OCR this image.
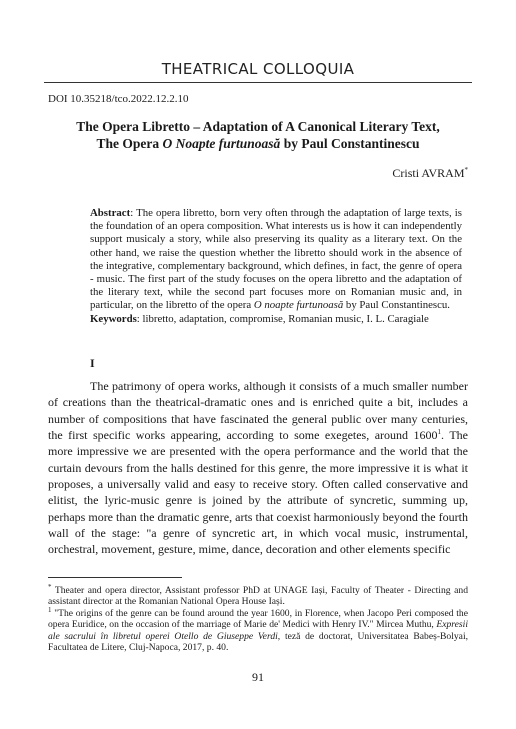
THEATRICAL COLLOQUIA
DOI 10.35218/tco.2022.12.2.10
The Opera Libretto – Adaptation of A Canonical Literary Text,
The Opera O Noapte furtunoasă by Paul Constantinescu
Cristi AVRAM*
Abstract: The opera libretto, born very often through the adaptation of large texts, is the foundation of an opera composition. What interests us is how it can independently support musicaly a story, while also preserving its quality as a literary text. On the other hand, we raise the question whether the libretto should work in the absence of the integrative, complementary background, which defines, in fact, the genre of opera - music. The first part of the study focuses on the opera libretto and the adaptation of the literary text, while the second part focuses more on Romanian music and, in particular, on the libretto of the opera O noapte furtunoasă by Paul Constantinescu.
Keywords: libretto, adaptation, compromise, Romanian music, I. L. Caragiale
I

The patrimony of opera works, although it consists of a much smaller number of creations than the theatrical-dramatic ones and is enriched quite a bit, includes a number of compositions that have fascinated the general public over many centuries, the first specific works appearing, according to some exegetes, around 1600$^1$. The more impressive we are presented with the opera performance and the world that the curtain devours from the halls destined for this genre, the more impressive it is what it proposes, a universally valid and easy to receive story. Often called conservative and elitist, the lyric-music genre is joined by the attribute of syncretic, summing up, perhaps more than the dramatic genre, arts that coexist harmoniously beyond the fourth wall of the stage: "a genre of syncretic art, in which vocal music, instrumental, orchestral, movement, gesture, mime, dance, decoration and other elements specific

* Theater and opera director, Assistant professor PhD at UNAGE Iași, Faculty of Theater - Directing and assistant director at the Romanian National Opera House Iași.
$^1$ "The origins of the genre can be found around the year 1600, in Florence, when Jacopo Peri composed the opera Euridice, on the occasion of the marriage of Marie de' Medici with Henry IV." Mircea Muthu, Expresii ale sacrului în libretul operei Otello de Giuseppe Verdi, teză de doctorat, Universitatea Babeș-Bolyai, Facultatea de Litere, Cluj-Napoca, 2017, p. 40.
91
